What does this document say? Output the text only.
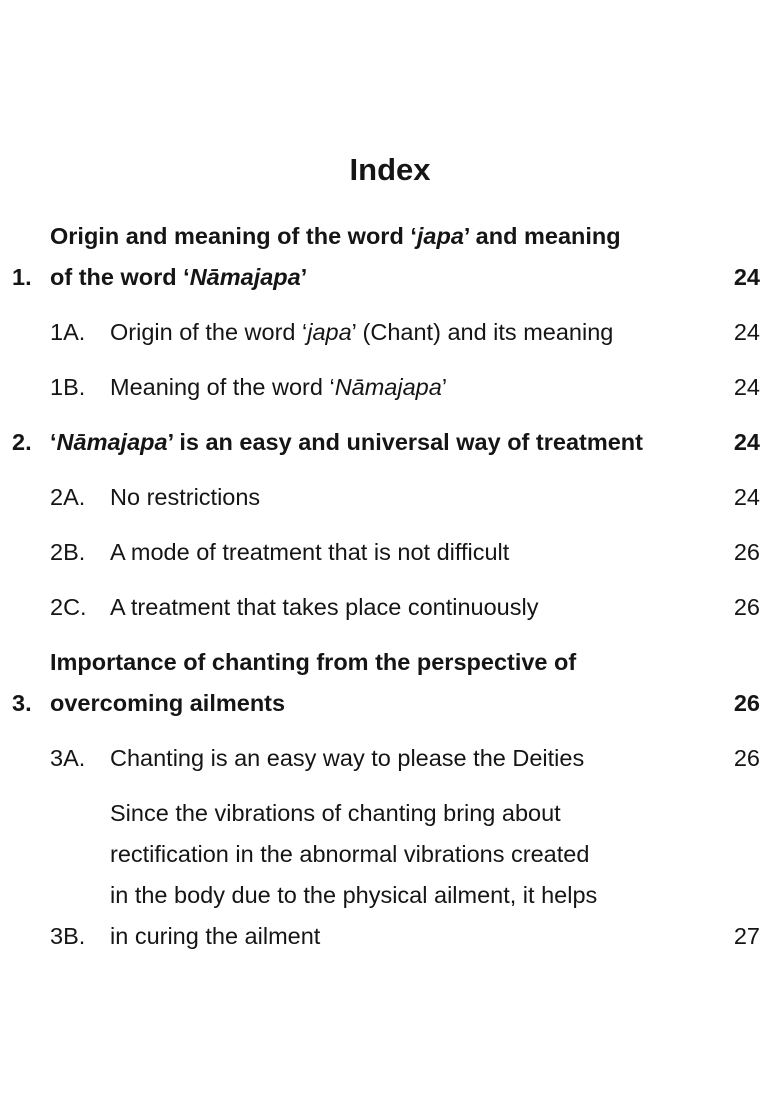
Index
1.
Origin and meaning of the word ‘japa’ and meaning
of the word ‘Nāmajapa’	24
1A.	Origin of the word ‘japa’ (Chant) and its meaning	24
1B.	Meaning of the word ‘Nāmajapa’	24
2. ‘Nāmajapa’ is an easy and universal way of treatment	24
2A.	No restrictions	24
2B.	A mode of treatment that is not difficult	26
2C. A treatment that takes place continuously	26
3.
Importance of chanting from the perspective of
overcoming ailments	26
3A.	Chanting is an easy way to please the Deities	26
3B.
Since the vibrations of chanting bring about
rectification in the abnormal vibrations created
in the body due to the physical ailment, it helps
in curing the ailment	27
